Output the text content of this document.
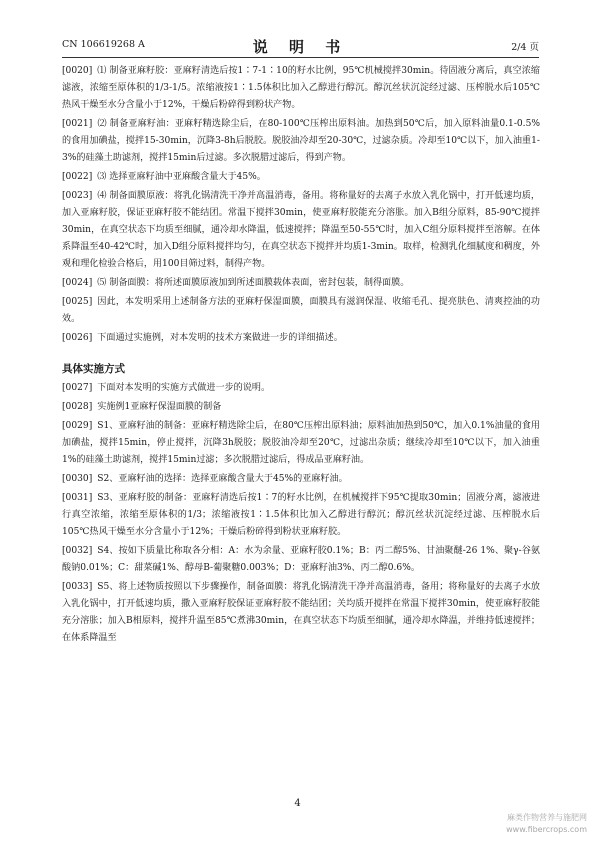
CN 106619268 A	说 明 书	2/4 页
[0020] ⑴ 制备亚麻籽胶：亚麻籽清选后按1∶7-1∶10的籽水比例，95℃机械搅拌30min。待固液分离后，真空浓缩滤液，浓缩至原体积的1/3-1/5。浓缩液按1∶1.5体积比加入乙醇进行醇沉。醇沉丝状沉淀经过滤、压榨脱水后105℃热风干燥至水分含量小于12%，干燥后粉碎得到粉状产物。
[0021] ⑵ 制备亚麻籽油：亚麻籽精选除尘后，在80-100℃压榨出原料油。加热到50℃后，加入原料油量0.1-0.5%的食用加碘盐，搅拌15-30min，沉降3-8h后脱胶。脱胶油冷却至20-30℃，过滤杂质。冷却至10℃以下，加入油重1-3%的硅藻土助滤剂，搅拌15min后过滤。多次脱腊过滤后，得到产物。
[0022] ⑶ 选择亚麻籽油中亚麻酸含量大于45%。
[0023] ⑷ 制备面膜原液：将乳化锅清洗干净并高温消毒，备用。将称量好的去离子水放入乳化锅中，打开低速均质，加入亚麻籽胶，保证亚麻籽胶不能结团。常温下搅拌30min，使亚麻籽胶能充分溶胀。加入B组分原料，85-90℃搅拌30min，在真空状态下均质至细腻，通冷却水降温，低速搅拌；降温至50-55℃时，加入C组分原料搅拌至溶解。在体系降温至40-42℃时，加入D组分原料搅拌均匀，在真空状态下搅拌并均质1-3min。取样，检测乳化细腻度和稠度，外观和理化检验合格后，用100目筛过料，制得产物。
[0024] ⑸ 制备面膜：将所述面膜原液加到所述面膜载体表面，密封包装，制得面膜。
[0025] 因此，本发明采用上述制备方法的亚麻籽保湿面膜，面膜具有滋润保湿、收缩毛孔、提亮肤色、清爽控油的功效。
[0026] 下面通过实施例，对本发明的技术方案做进一步的详细描述。
具体实施方式
[0027] 下面对本发明的实施方式做进一步的说明。
[0028] 实施例1亚麻籽保湿面膜的制备
[0029] S1、亚麻籽油的制备：亚麻籽精选除尘后，在80℃压榨出原料油；原料油加热到50℃，加入0.1%油量的食用加碘盐，搅拌15min，停止搅拌，沉降3h脱胶；脱胶油冷却至20℃，过滤出杂质；继续冷却至10℃以下，加入油重1%的硅藻土助滤剂，搅拌15min过滤；多次脱腊过滤后，得成品亚麻籽油。
[0030] S2、亚麻籽油的选择：选择亚麻酸含量大于45%的亚麻籽油。
[0031] S3、亚麻籽胶的制备：亚麻籽清选后按1∶7的籽水比例，在机械搅拌下95℃提取30min；固液分离，滤液进行真空浓缩，浓缩至原体积的1/3；浓缩液按1∶1.5体积比加入乙醇进行醇沉；醇沉丝状沉淀经过滤、压榨脱水后105℃热风干燥至水分含量小于12%；干燥后粉碎得到粉状亚麻籽胶。
[0032] S4、按如下质量比称取各分相：A：水为余量、亚麻籽胶0.1%；B：丙二醇5%、甘油聚醚-26 1%、聚γ-谷氨酸钠0.01%；C：甜菜碱1%、醇母B-葡聚糖0.003%；D：亚麻籽油3%、丙二醇0.6%。
[0033] S5、将上述物质按照以下步骤操作，制备面膜：将乳化锅清洗干净并高温消毒，备用；将称量好的去离子水放入乳化锅中，打开低速均质，撒入亚麻籽胶保证亚麻籽胶不能结团；关均质开搅拌在常温下搅拌30min，使亚麻籽胶能充分溶胀；加入B相原料，搅拌升温至85℃煮沸30min，在真空状态下均质至细腻，通冷却水降温，并维持低速搅拌；在体系降温至
4
麻类作物营养与施肥网
www.fibercrops.com
